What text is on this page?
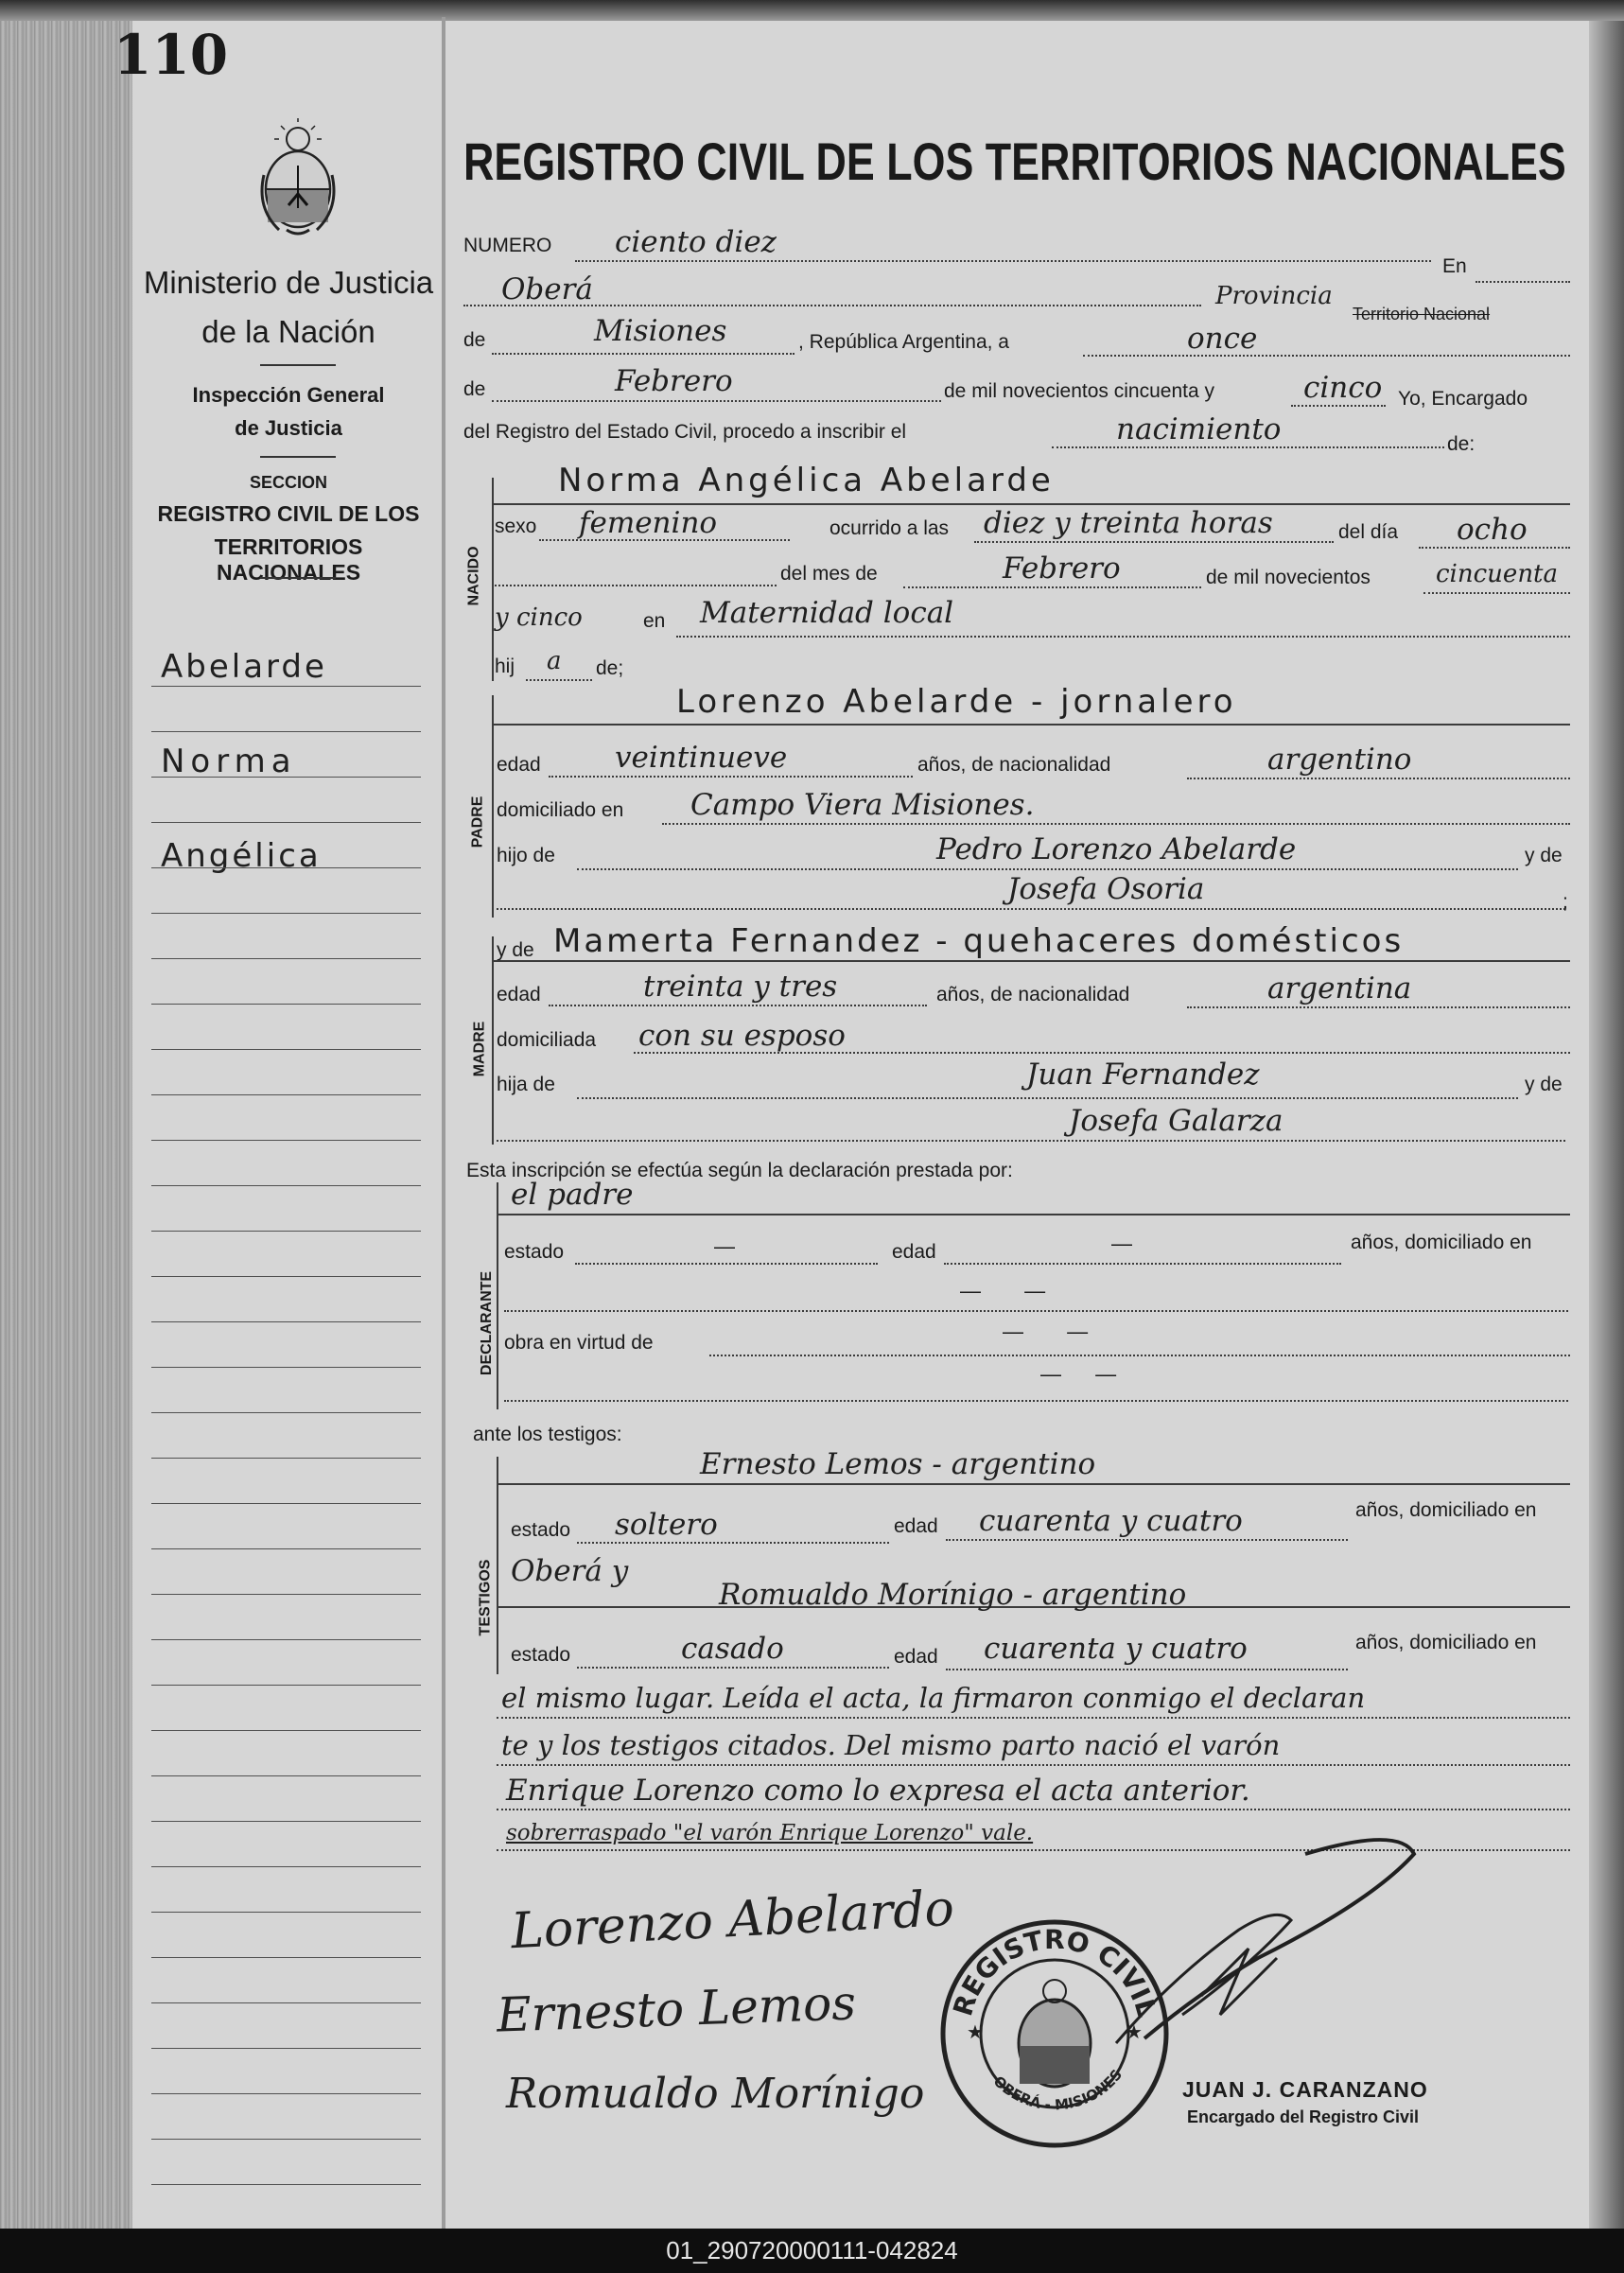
110
Ministerio de Justicia
de la Nación
Inspección General
de Justicia
SECCION
REGISTRO CIVIL DE LOS
TERRITORIOS NACIONALES
Abelarde
Norma
Angélica
REGISTRO CIVIL DE LOS TERRITORIOS NACIONALES
NUMERO ciento diez
En
Oberá	Provincia
Territorio Nacional
de	Misiones	, República Argentina, a	once
de	Febrero	de mil novecientos cincuenta y	cinco Yo, Encargado
del Registro del Estado Civil, procedo a inscribir el	nacimiento	de:
NACIDO
Norma Angélica Abelarde
sexo femenino	ocurrido a las diez y treinta horas	del día ocho
del mes de	Febrero	de mil novecientos	cincuenta
y cinco	en Maternidad local
hij a de;
PADRE
Lorenzo Abelarde - jornalero
edad	veintinueve	años, de nacionalidad	argentino
domiciliado en Campo Viera Misiones.
hijo de	Pedro Lorenzo Abelarde	y de
Josefa Osoria	;
MADRE
y de Mamerta Fernandez - quehaceres domésticos
edad	treinta y tres	años, de nacionalidad	argentina
domiciliada con su esposo
hija de	Juan Fernandez	y de
Josefa Galarza
Esta inscripción se efectúa según la declaración prestada por:
DECLARANTE
el padre
estado	—	edad	—	años, domiciliado en
— —
obra en virtud de	— —
— —
ante los testigos:
TESTIGOS
Ernesto Lemos - argentino
estado soltero	edad cuarenta y cuatro	años, domiciliado en
Oberá y
Romualdo Morínigo - argentino
estado	casado	edad cuarenta y cuatro	años, domiciliado en
el mismo lugar. Leída el acta, la firmaron conmigo el declaran
te y los testigos citados. Del mismo parto nació el varón
Enrique Lorenzo como lo expresa el acta anterior.
sobrerraspado "el varón Enrique Lorenzo" vale.
Lorenzo Abelardo
Ernesto Lemos
Romualdo Morínigo
REGISTRO CIVIL
OBERÁ - MISIONES
★	★
JUAN J. CARANZANO
Encargado del Registro Civil
01_290720000111-042824
